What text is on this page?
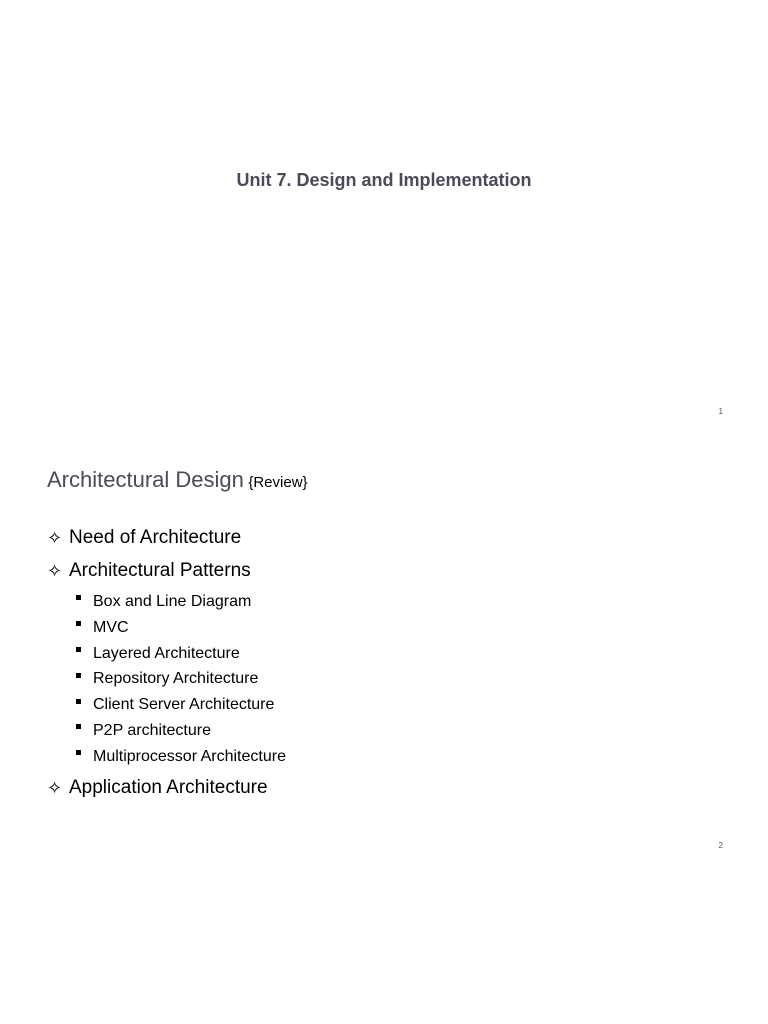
Unit 7. Design and Implementation
1
Architectural Design {Review}
✧ Need of Architecture
✧ Architectural Patterns
Box and Line Diagram
MVC
Layered Architecture
Repository Architecture
Client Server Architecture
P2P architecture
Multiprocessor Architecture
✧ Application Architecture
2
